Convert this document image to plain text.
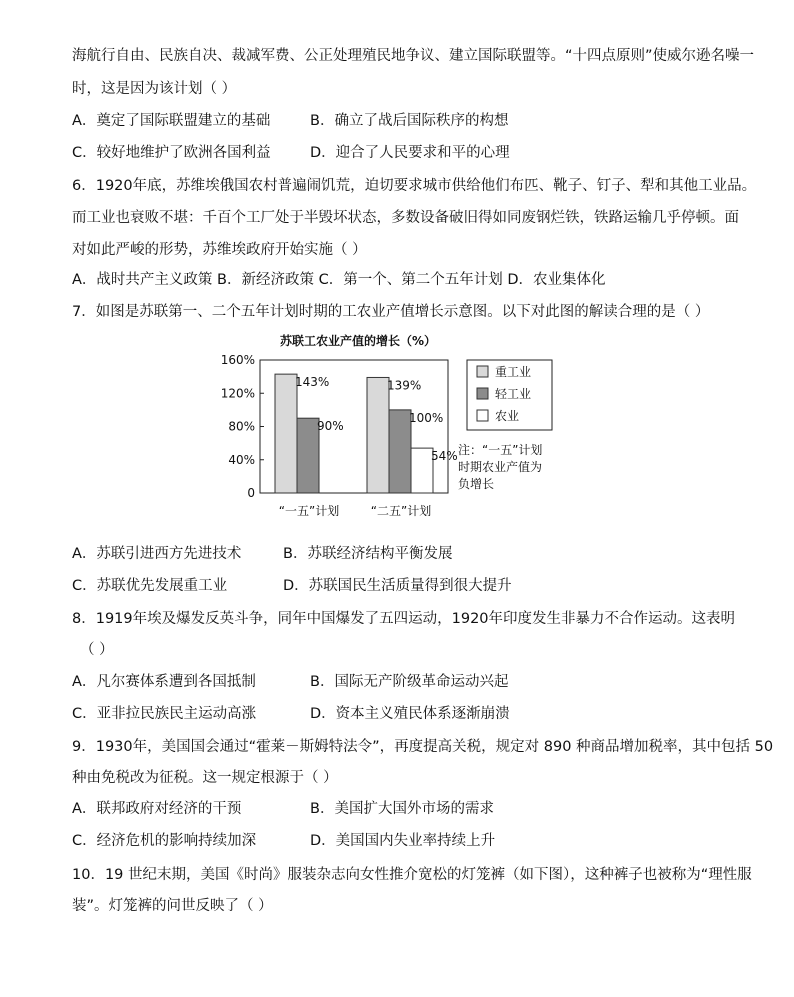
海航行自由、民族自决、裁减军费、公正处理殖民地争议、建立国际联盟等。“十四点原则”使威尔逊名噪一
时，这是因为该计划（ ）
A．奠定了国际联盟建立的基础	B．确立了战后国际秩序的构想
C．较好地维护了欧洲各国利益	D．迎合了人民要求和平的心理
6．1920年底，苏维埃俄国农村普遍闹饥荒，迫切要求城市供给他们布匹、靴子、钉子、犁和其他工业品。
而工业也衰败不堪：千百个工厂处于半毁坏状态，多数设备破旧得如同废钢烂铁，铁路运输几乎停顿。面
对如此严峻的形势，苏维埃政府开始实施（ ）
A．战时共产主义政策 B．新经济政策 C．第一个、第二个五年计划 D．农业集体化
7．如图是苏联第一、二个五年计划时期的工农业产值增长示意图。以下对此图的解读合理的是（ ）
苏联工农业产值的增长（%）
160%
120%
80%
40%
0
“一五”计划	“二五”计划
143%
90%
139%
100%
54%
重工业
轻工业
农业
注：“一五”计划
时期农业产值为
负增长
A．苏联引进西方先进技术	B．苏联经济结构平衡发展
C．苏联优先发展重工业	D．苏联国民生活质量得到很大提升
8．1919年埃及爆发反英斗争，同年中国爆发了五四运动，1920年印度发生非暴力不合作运动。这表明
（ ）
A．凡尔赛体系遭到各国抵制	B．国际无产阶级革命运动兴起
C．亚非拉民族民主运动高涨	D．资本主义殖民体系逐渐崩溃
9．1930年，美国国会通过“霍莱－斯姆特法令”，再度提高关税，规定对 890 种商品增加税率，其中包括 50
种由免税改为征税。这一规定根源于（ ）
A．联邦政府对经济的干预	B．美国扩大国外市场的需求
C．经济危机的影响持续加深	D．美国国内失业率持续上升
10．19 世纪末期，美国《时尚》服装杂志向女性推介宽松的灯笼裤（如下图），这种裤子也被称为“理性服
装”。灯笼裤的问世反映了（ ）
